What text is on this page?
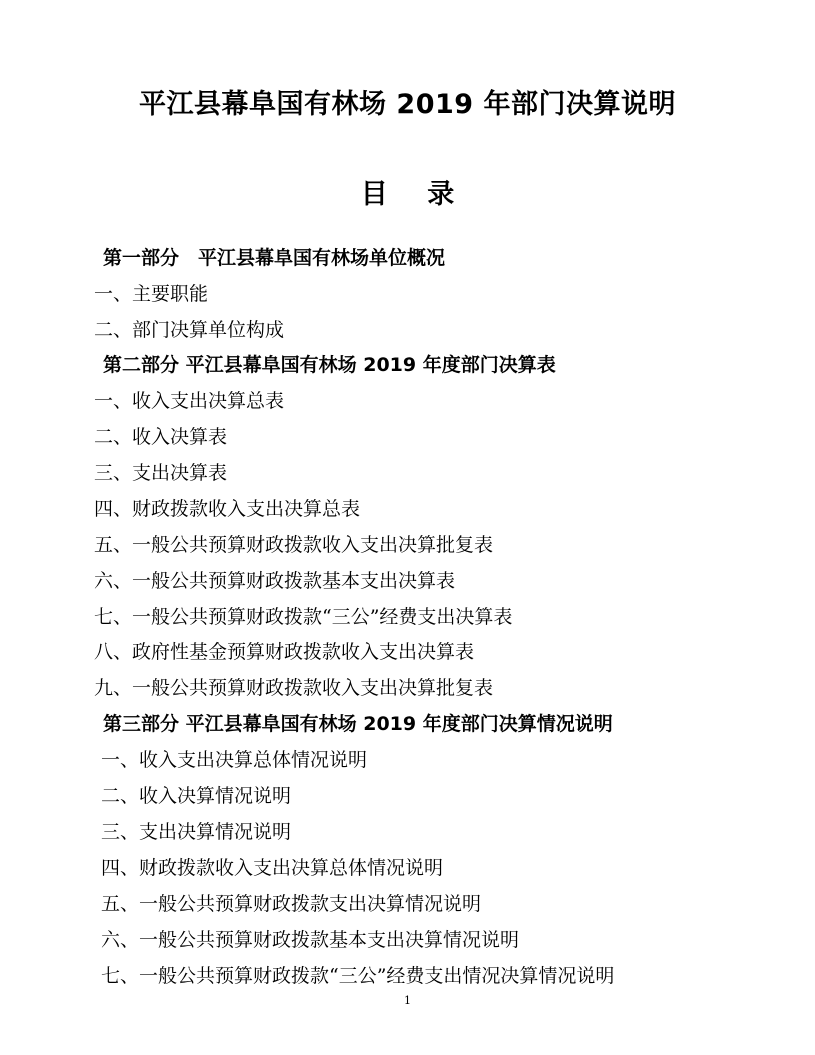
平江县幕阜国有林场 2019 年部门决算说明
目 录
第一部分　平江县幕阜国有林场单位概况
一、主要职能
二、部门决算单位构成
第二部分 平江县幕阜国有林场 2019 年度部门决算表
一、收入支出决算总表
二、收入决算表
三、支出决算表
四、财政拨款收入支出决算总表
五、一般公共预算财政拨款收入支出决算批复表
六、一般公共预算财政拨款基本支出决算表
七、一般公共预算财政拨款“三公”经费支出决算表
八、政府性基金预算财政拨款收入支出决算表
九、一般公共预算财政拨款收入支出决算批复表
第三部分 平江县幕阜国有林场 2019 年度部门决算情况说明
一、收入支出决算总体情况说明
二、收入决算情况说明
三、支出决算情况说明
四、财政拨款收入支出决算总体情况说明
五、一般公共预算财政拨款支出决算情况说明
六、一般公共预算财政拨款基本支出决算情况说明
七、一般公共预算财政拨款“三公”经费支出情况决算情况说明
1
